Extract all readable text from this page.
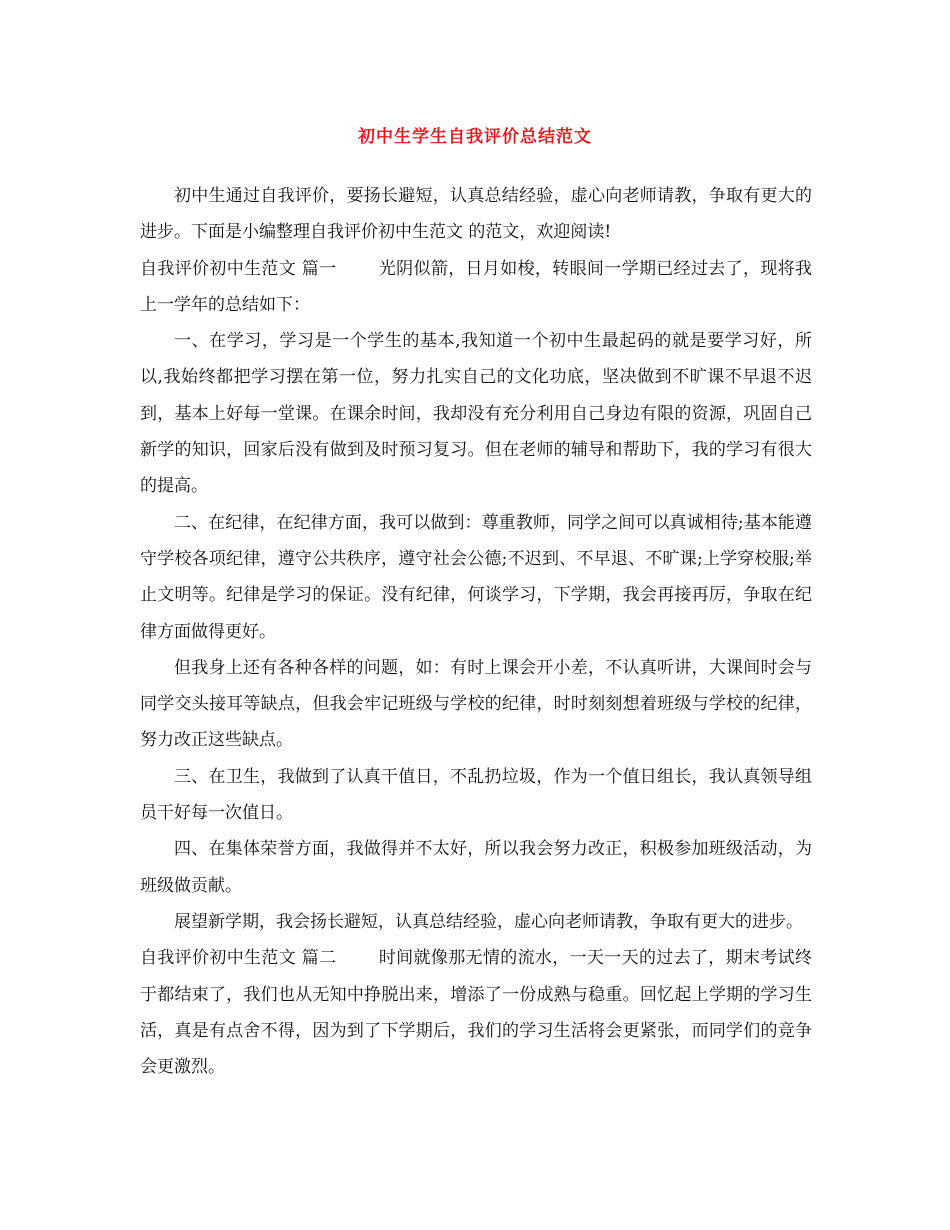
初中生学生自我评价总结范文

初中生通过自我评价，要扬长避短，认真总结经验，虚心向老师请教，争取有更大的进步。下面是小编整理自我评价初中生范文 的范文，欢迎阅读!

自我评价初中生范文 篇一 光阴似箭，日月如梭，转眼间一学期已经过去了，现将我上一学年的总结如下：

一、在学习，学习是一个学生的基本,我知道一个初中生最起码的就是要学习好，所以,我始终都把学习摆在第一位，努力扎实自己的文化功底，坚决做到不旷课不早退不迟到，基本上好每一堂课。在课余时间，我却没有充分利用自己身边有限的资源，巩固自己新学的知识，回家后没有做到及时预习复习。但在老师的辅导和帮助下，我的学习有很大的提高。

二、在纪律，在纪律方面，我可以做到：尊重教师，同学之间可以真诚相待;基本能遵守学校各项纪律，遵守公共秩序，遵守社会公德;不迟到、不早退、不旷课;上学穿校服;举止文明等。纪律是学习的保证。没有纪律，何谈学习，下学期，我会再接再厉，争取在纪律方面做得更好。

但我身上还有各种各样的问题，如：有时上课会开小差，不认真听讲，大课间时会与同学交头接耳等缺点，但我会牢记班级与学校的纪律，时时刻刻想着班级与学校的纪律，努力改正这些缺点。

三、在卫生，我做到了认真干值日，不乱扔垃圾，作为一个值日组长，我认真领导组员干好每一次值日。

四、在集体荣誉方面，我做得并不太好，所以我会努力改正，积极参加班级活动，为班级做贡献。

展望新学期，我会扬长避短，认真总结经验，虚心向老师请教，争取有更大的进步。

自我评价初中生范文 篇二 时间就像那无情的流水，一天一天的过去了，期末考试终于都结束了，我们也从无知中挣脱出来，增添了一份成熟与稳重。回忆起上学期的学习生活，真是有点舍不得，因为到了下学期后，我们的学习生活将会更紧张，而同学们的竞争会更激烈。
